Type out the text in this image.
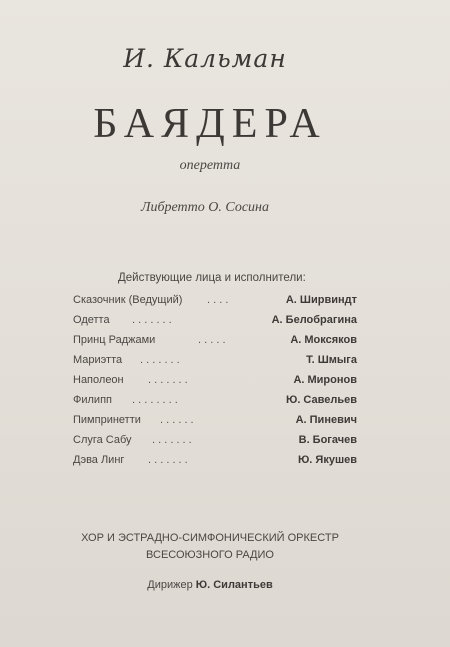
И. Кальман
БАЯДЕРА
оперетта
Либретто О. Сосина
Действующие лица и исполнители:
Сказочник (Ведущий) . . . .	А. Ширвиндт
Одетта . . . . . . .	А. Белобрагина
Принц Раджами	. . . . .	А. Моксяков
Мариэтта . . . . . . .	Т. Шмыга
Наполеон . . . . . . .	А. Миронов
Филипп . . . . . . . .	Ю. Савельев
Пимпринетти . . . . . .	А. Пиневич
Слуга Сабу . . . . . . .	В. Богачев
Дэва Линг . . . . . . .	Ю. Якушев
ХОР И ЭСТРАДНО-СИМФОНИЧЕСКИЙ ОРКЕСТР
ВСЕСОЮЗНОГО РАДИО
Дирижер Ю. Силантьев
